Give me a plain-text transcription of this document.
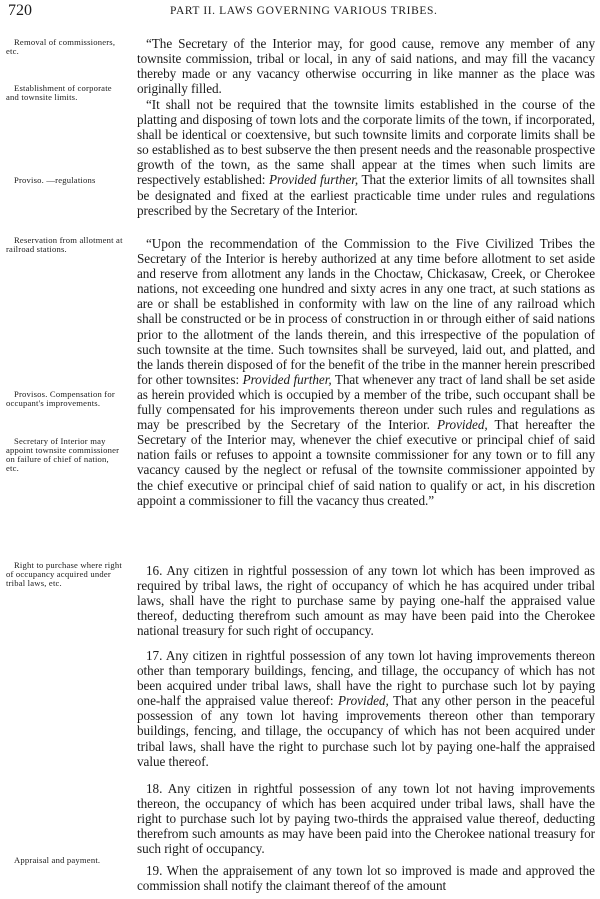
720	PART II. LAWS GOVERNING VARIOUS TRIBES.
Removal of commissioners, etc.
Establishment of corporate and townsite limits.
Proviso. —regulations
Reservation from allotment at railroad stations.
Provisos. Compensation for occupant's improvements.
Secretary of Interior may appoint townsite commissioner on failure of chief of nation, etc.
Right to purchase where right of occupancy acquired under tribal laws, etc.
Appraisal and payment.

“The Secretary of the Interior may, for good cause, remove any member of any townsite commission, tribal or local, in any of said nations, and may fill the vacancy thereby made or any vacancy otherwise occurring in like manner as the place was originally filled.

“It shall not be required that the townsite limits established in the course of the platting and disposing of town lots and the corporate limits of the town, if incorporated, shall be identical or coextensive, but such townsite limits and corporate limits shall be so established as to best subserve the then present needs and the reasonable prospective growth of the town, as the same shall appear at the times when such limits are respectively established: Provided further, That the exterior limits of all townsites shall be designated and fixed at the earliest practicable time under rules and regulations prescribed by the Secretary of the Interior.

“Upon the recommendation of the Commission to the Five Civilized Tribes the Secretary of the Interior is hereby authorized at any time before allotment to set aside and reserve from allotment any lands in the Choctaw, Chickasaw, Creek, or Cherokee nations, not exceeding one hundred and sixty acres in any one tract, at such stations as are or shall be established in conformity with law on the line of any railroad which shall be constructed or be in process of construction in or through either of said nations prior to the allotment of the lands therein, and this irrespective of the population of such townsite at the time. Such townsites shall be surveyed, laid out, and platted, and the lands therein disposed of for the benefit of the tribe in the manner herein prescribed for other townsites: Provided further, That whenever any tract of land shall be set aside as herein provided which is occupied by a member of the tribe, such occupant shall be fully compensated for his improvements thereon under such rules and regulations as may be prescribed by the Secretary of the Interior. Provided, That hereafter the Secretary of the Interior may, whenever the chief executive or principal chief of said nation fails or refuses to appoint a townsite commissioner for any town or to fill any vacancy caused by the neglect or refusal of the townsite commissioner appointed by the chief executive or principal chief of said nation to qualify or act, in his discretion appoint a commissioner to fill the vacancy thus created.”

16. Any citizen in rightful possession of any town lot which has been improved as required by tribal laws, the right of occupancy of which he has acquired under tribal laws, shall have the right to purchase same by paying one-half the appraised value thereof, deducting therefrom such amount as may have been paid into the Cherokee national treasury for such right of occupancy.

17. Any citizen in rightful possession of any town lot having improvements thereon other than temporary buildings, fencing, and tillage, the occupancy of which has not been acquired under tribal laws, shall have the right to purchase such lot by paying one-half the appraised value thereof: Provided, That any other person in the peaceful possession of any town lot having improvements thereon other than temporary buildings, fencing, and tillage, the occupancy of which has not been acquired under tribal laws, shall have the right to purchase such lot by paying one-half the appraised value thereof.

18. Any citizen in rightful possession of any town lot not having improvements thereon, the occupancy of which has been acquired under tribal laws, shall have the right to purchase such lot by paying two-thirds the appraised value thereof, deducting therefrom such amounts as may have been paid into the Cherokee national treasury for such right of occupancy.

19. When the appraisement of any town lot so improved is made and approved the commission shall notify the claimant thereof of the amount
